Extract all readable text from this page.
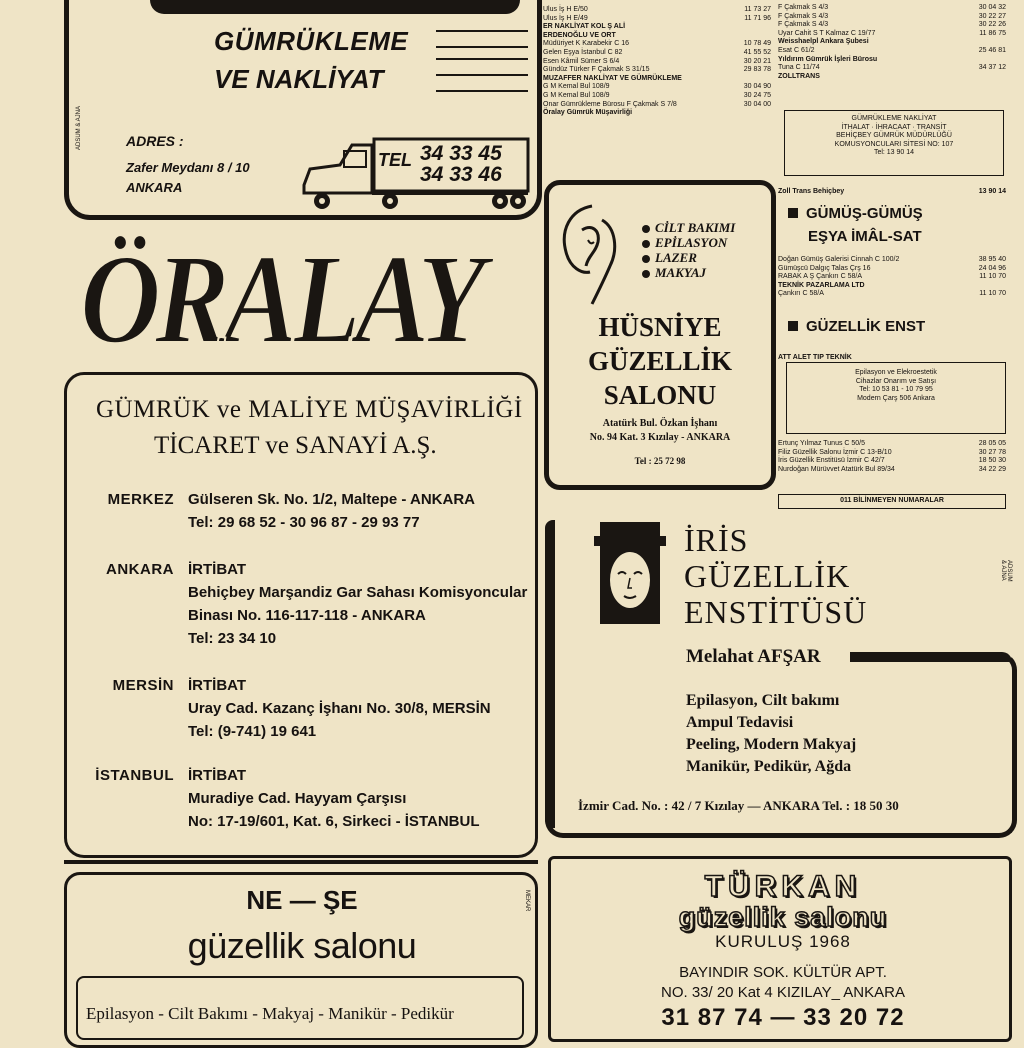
GÜMRÜKLEME
VE NAKLİYAT
ADSUM & AJNA	ADRES :
Zafer Meydanı 8 / 10
ANKARA
TEL 34 33 45
34 33 46
Ulus İş H E/50	11 73 27
Ulus İş H E/49	11 71 96
ER NAKLİYAT KOL Ş ALİ
ERDENOĞLU VE ORT
Müdüriyet K Karabekir C 16	10 78 49
Gelen Eşya İstanbul C 82	41 55 52
Esen Kâmil Sümer S 6/4	30 20 21
Gündüz Türker F Çakmak S 31/15	29 83 78
MUZAFFER NAKLİYAT VE GÜMRÜKLEME
G M Kemal Bul 108/9	30 04 90
G M Kemal Bul 108/9	30 24 75
Onar Gümrükleme Bürosu F Çakmak S 7/8	30 04 00
Öralay Gümrük Müşavirliği
F Çakmak S 4/3	30 04 32
F Çakmak S 4/3	30 22 27
F Çakmak S 4/3	30 22 26
Uyar Cahit S T Kalmaz C 19/77	11 86 75
Weisshaelpl Ankara Şubesi
Esat C 61/2	25 46 81
Yıldırım Gümrük İşleri Bürosu
Tuna C 11/74	34 37 12
ZOLLTRANS
GÜMRÜKLEME NAKLİYAT
İTHALAT · İHRACAAT · TRANSİT
BEHİÇBEY GÜMRÜK MÜDÜRLÜĞÜ
KOMUSYONCULARI SİTESİ NO: 107
Tel: 13 90 14
Zoll Trans Behiçbey	13 90 14
ÖRALAY
GÜMRÜK ve MALİYE MÜŞAVİRLİĞİ
TİCARET ve SANAYİ A.Ş.
MERKEZ Gülseren Sk. No. 1/2, Maltepe - ANKARA
Tel: 29 68 52 - 30 96 87 - 29 93 77
ANKARA İRTİBAT
Behiçbey Marşandiz Gar Sahası Komisyoncular
Binası No. 116-117-118 - ANKARA
Tel: 23 34 10
MERSİN İRTİBAT
Uray Cad. Kazanç İşhanı No. 30/8, MERSİN
Tel: (9-741) 19 641
İSTANBUL İRTİBAT
Muradiye Cad. Hayyam Çarşısı
No: 17-19/601, Kat. 6, Sirkeci - İSTANBUL
CİLT BAKIMI
EPİLASYON
LAZER
MAKYAJ
HÜSNİYE
GÜZELLİK
SALONU
Atatürk Bul. Özkan İşhanı
No. 94 Kat. 3 Kızılay - ANKARA
Tel : 25 72 98
GÜMÜŞ-GÜMÜŞ
EŞYA İMÂL-SAT
Doğan Gümüş Galerisi Cinnah C 100/2	38 95 40
Gümüşcü Dalgıç Talas Çrş 16	24 04 96
RABAK A Ş Çankırı C 58/A	11 10 70
TEKNİK PAZARLAMA LTD
Çankırı C 58/A	11 10 70
GÜZELLİK ENST
ATT ALET TIP TEKNİK
Epilasyon ve Elekroestetik
Cihazlar Onarım ve Satışı
Tel: 10 53 81 - 10 79 95
Modern Çarş 506 Ankara
Ertunç Yılmaz Tunus C 50/5	28 05 05
Filiz Güzellik Salonu İzmir C 13-B/10	30 27 78
İris Güzellik Enstitüsü İzmir C 42/7	18 50 30
Nurdoğan Mürüvvet Atatürk Bul 89/34	34 22 29
011 BİLİNMEYEN NUMARALAR
İRİS
GÜZELLİK
ENSTİTÜSÜ
ADSUM & AJNA
Melahat AFŞAR
Epilasyon, Cilt bakımı
Ampul Tedavisi
Peeling, Modern Makyaj
Manikür, Pedikür, Ağda
İzmir Cad. No. : 42 / 7 Kızılay — ANKARA Tel. : 18 50 30
NE — ŞE
güzellik salonu
MEKAR
Epilasyon - Cilt Bakımı - Makyaj - Manikür - Pedikür
TÜRKAN
güzellik salonu
KURULUŞ 1968
BAYINDIR SOK. KÜLTÜR APT.
NO. 33/ 20 Kat 4 KIZILAY_ ANKARA
31 87 74 — 33 20 72
